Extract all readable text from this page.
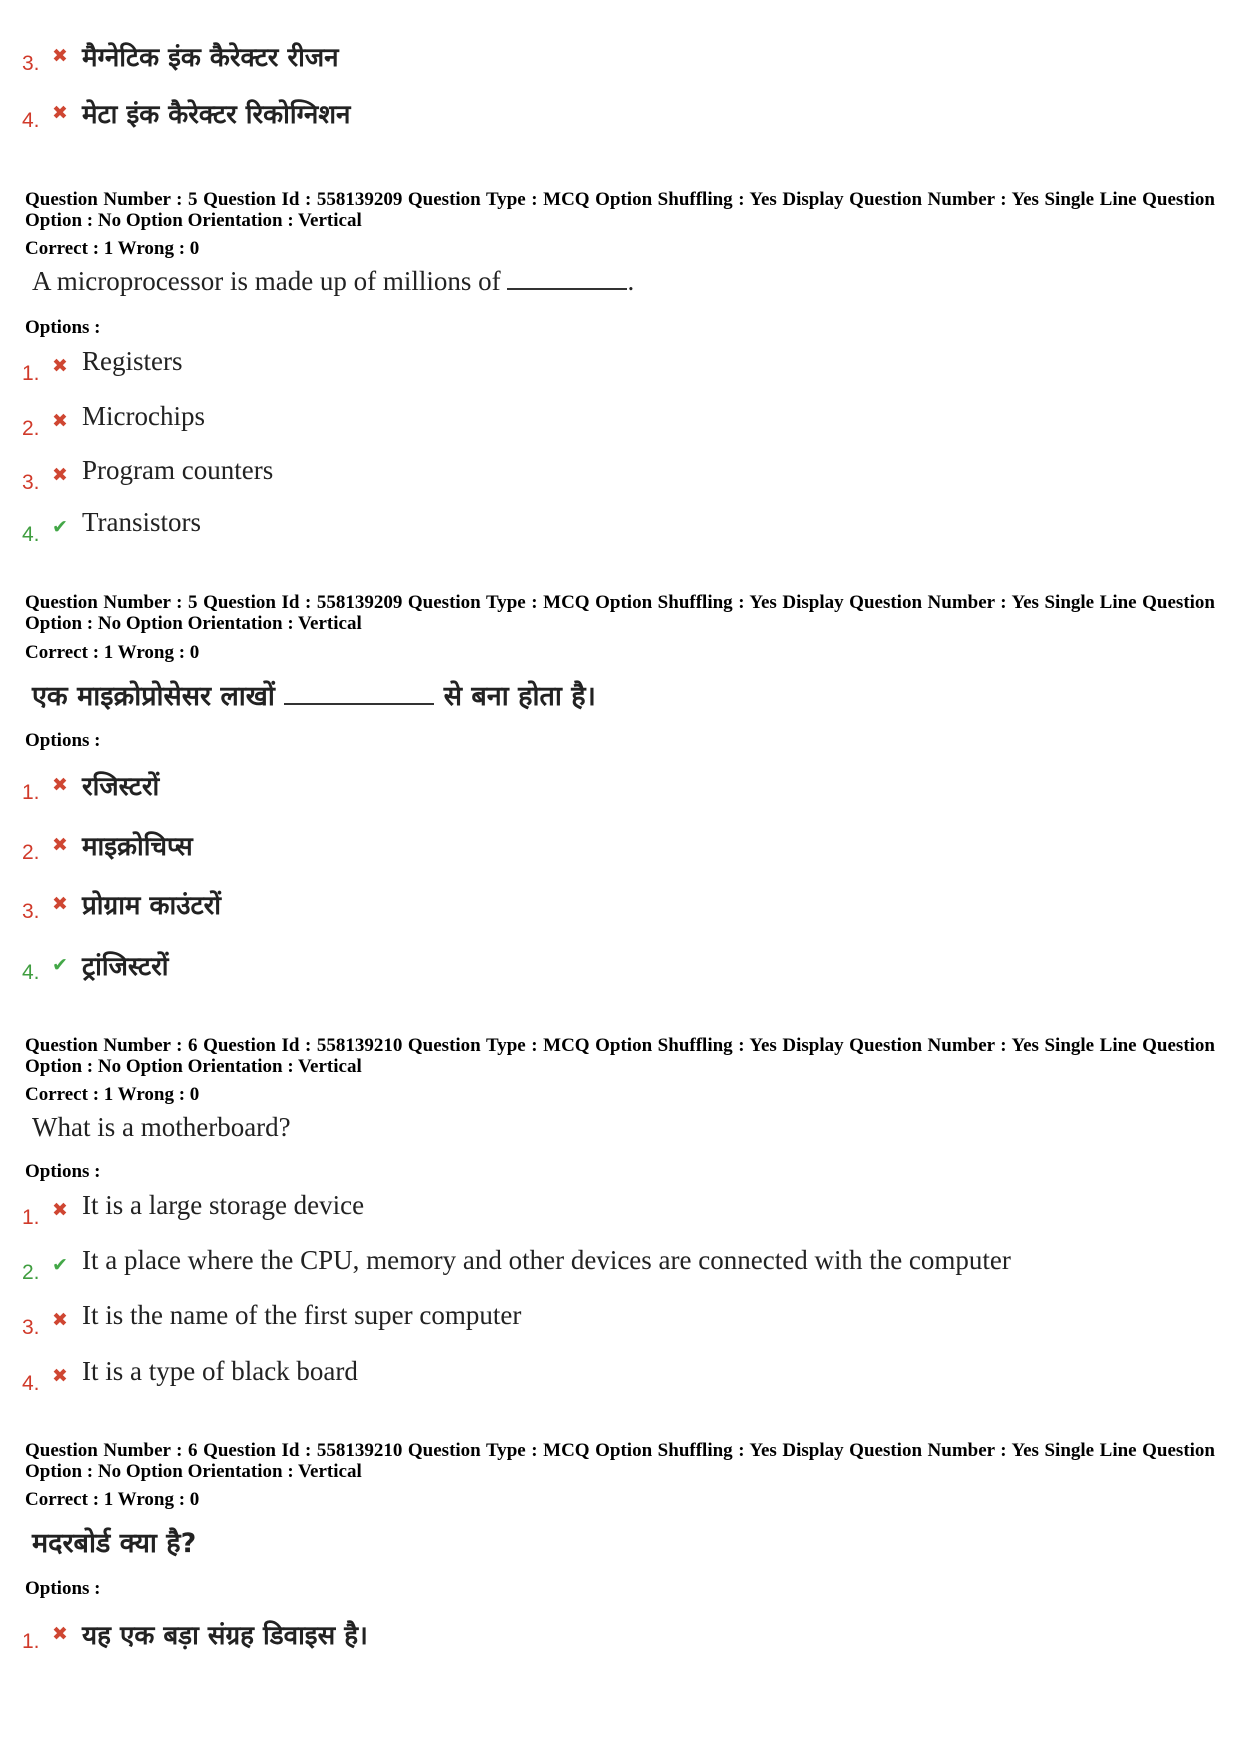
3. ✖ मैग्नेटिक इंक कैरेक्टर रीजन
4. ✖ मेटा इंक कैरेक्टर रिकोग्निशन
Question Number : 5 Question Id : 558139209 Question Type : MCQ Option Shuffling : Yes Display Question Number : Yes Single Line Question Option : No Option Orientation : Vertical
Correct : 1 Wrong : 0
A microprocessor is made up of millions of	.
Options :
1. ✖ Registers
2. ✖ Microchips
3. ✖ Program counters
4. ✔ Transistors
Question Number : 5 Question Id : 558139209 Question Type : MCQ Option Shuffling : Yes Display Question Number : Yes Single Line Question Option : No Option Orientation : Vertical
Correct : 1 Wrong : 0
एक माइक्रोप्रोसेसर लाखों	से बना होता है।
Options :
1. ✖ रजिस्टरों
2. ✖ माइक्रोचिप्स
3. ✖ प्रोग्राम काउंटरों
4. ✔ ट्रांजिस्टरों
Question Number : 6 Question Id : 558139210 Question Type : MCQ Option Shuffling : Yes Display Question Number : Yes Single Line Question Option : No Option Orientation : Vertical
Correct : 1 Wrong : 0
What is a motherboard?
Options :
1. ✖ It is a large storage device
2. ✔ It a place where the CPU, memory and other devices are connected with the computer
3. ✖ It is the name of the first super computer
4. ✖ It is a type of black board
Question Number : 6 Question Id : 558139210 Question Type : MCQ Option Shuffling : Yes Display Question Number : Yes Single Line Question Option : No Option Orientation : Vertical
Correct : 1 Wrong : 0
मदरबोर्ड क्या है?
Options :
1. ✖ यह एक बड़ा संग्रह डिवाइस है।
